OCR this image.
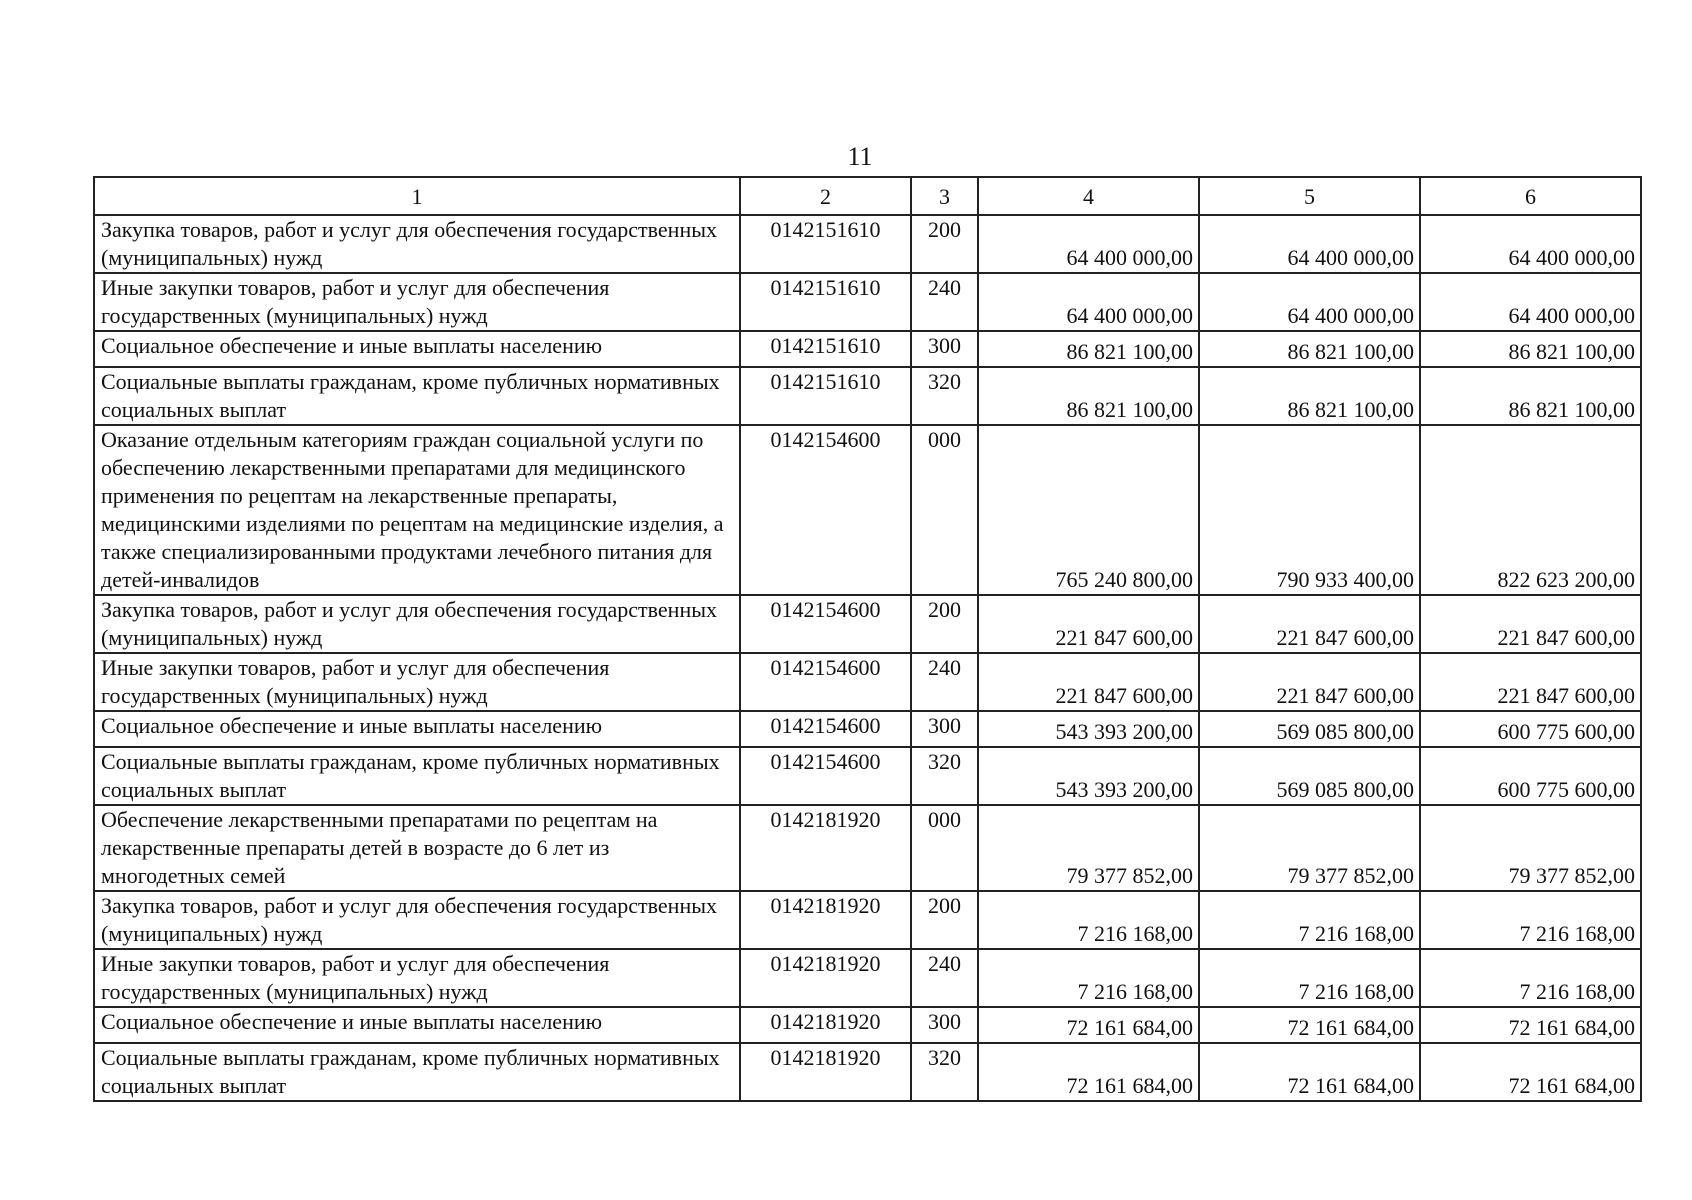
11
1	2	3	4	5	6
Закупка товаров, работ и услуг для обеспечения государственных (муниципальных) нужд	0142151610	200	64 400 000,00	64 400 000,00	64 400 000,00
Иные закупки товаров, работ и услуг для обеспечения государственных (муниципальных) нужд	0142151610	240	64 400 000,00	64 400 000,00	64 400 000,00
Социальное обеспечение и иные выплаты населению	0142151610	300	86 821 100,00	86 821 100,00	86 821 100,00
Социальные выплаты гражданам, кроме публичных нормативных социальных выплат	0142151610	320	86 821 100,00	86 821 100,00	86 821 100,00
Оказание отдельным категориям граждан социальной услуги по обеспечению лекарственными препаратами для медицинского применения по рецептам на лекарственные препараты, медицинскими изделиями по рецептам на медицинские изделия, а также специализированными продуктами лечебного питания для детей-инвалидов	0142154600	000	765 240 800,00	790 933 400,00	822 623 200,00
Закупка товаров, работ и услуг для обеспечения государственных (муниципальных) нужд	0142154600	200	221 847 600,00	221 847 600,00	221 847 600,00
Иные закупки товаров, работ и услуг для обеспечения государственных (муниципальных) нужд	0142154600	240	221 847 600,00	221 847 600,00	221 847 600,00
Социальное обеспечение и иные выплаты населению	0142154600	300	543 393 200,00	569 085 800,00	600 775 600,00
Социальные выплаты гражданам, кроме публичных нормативных социальных выплат	0142154600	320	543 393 200,00	569 085 800,00	600 775 600,00
Обеспечение лекарственными препаратами по рецептам на лекарственные препараты детей в возрасте до 6 лет из многодетных семей	0142181920	000	79 377 852,00	79 377 852,00	79 377 852,00
Закупка товаров, работ и услуг для обеспечения государственных (муниципальных) нужд	0142181920	200	7 216 168,00	7 216 168,00	7 216 168,00
Иные закупки товаров, работ и услуг для обеспечения государственных (муниципальных) нужд	0142181920	240	7 216 168,00	7 216 168,00	7 216 168,00
Социальное обеспечение и иные выплаты населению	0142181920	300	72 161 684,00	72 161 684,00	72 161 684,00
Социальные выплаты гражданам, кроме публичных нормативных социальных выплат	0142181920	320	72 161 684,00	72 161 684,00	72 161 684,00
